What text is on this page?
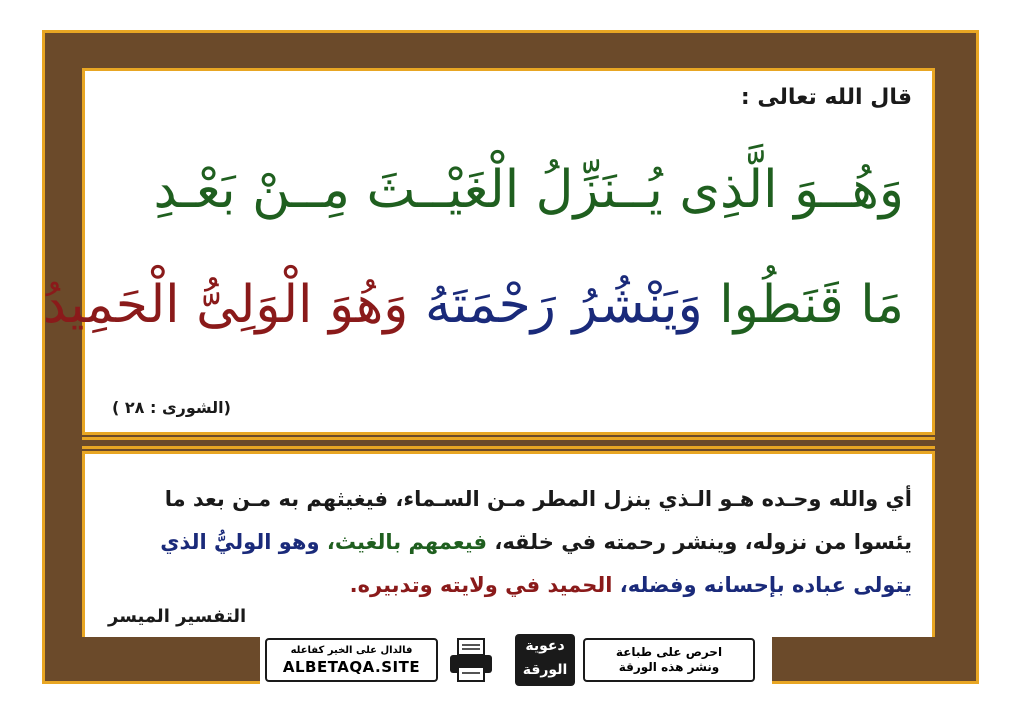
قال الله تعالى :
وَهُــوَ الَّذِى يُــنَزِّلُ الْغَيْــثَ مِــنْ بَعْـدِ
مَا قَنَطُوا وَيَنْشُرُ رَحْمَتَهُ وَهُوَ الْوَلِىُّ الْحَمِيدُ
(الشورى : ٢٨ )
أي والله وحـده هـو الـذي ينزل المطر مـن السـماء، فيغيثهم به مـن بعد ما يئسوا من نزوله، وينشر رحمته في خلقه، فيعمهم بالغيث، وهو الوليُّ الذي يتولى عباده بإحسانه وفضله، الحميد في ولايته وتدبيره.
التفسير الميسر
فالدال على الخير كفاعله
ALBETAQA.SITE
دعوية
الورقة
احرص على طباعة
ونشر هذه الورقة
